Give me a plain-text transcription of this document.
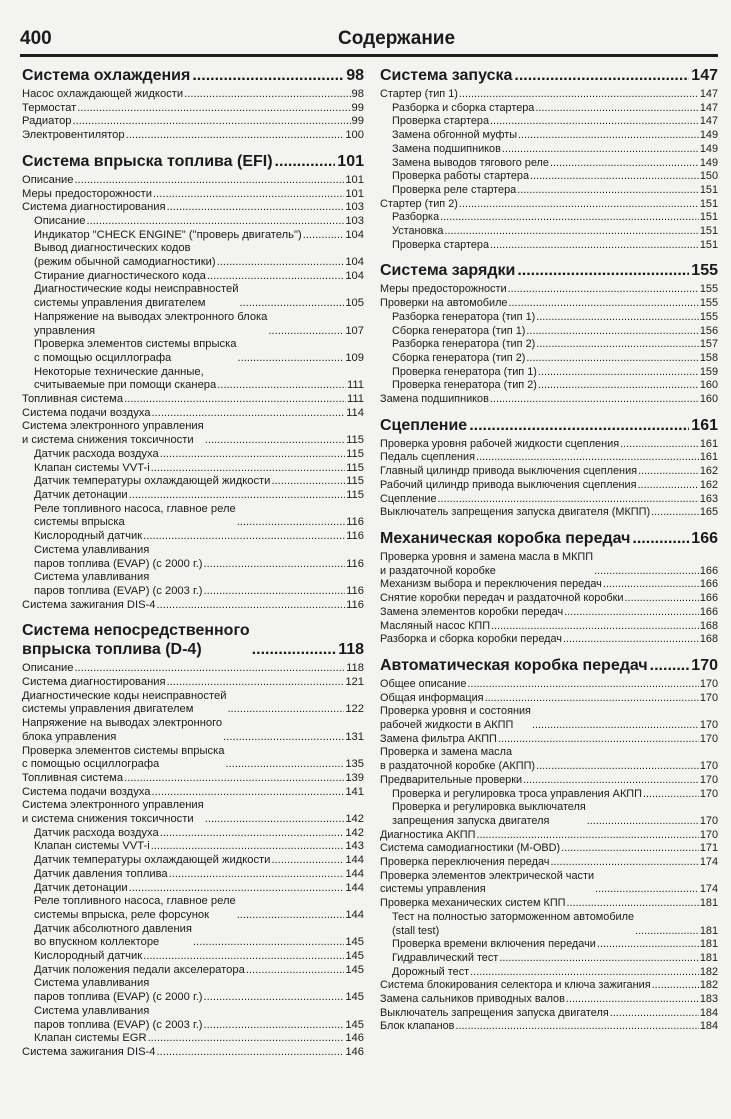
400	Содержание
Система охлаждения .....	98
Насос охлаждающей жидкости .....	98
Термостат .....	99
Радиатор .....	99
Электровентилятор .....	100
Система впрыска топлива (EFI) .....	101
Описание .....	101
Меры предосторожности .....	101
Система диагностирования .....	103
Описание .....	103
Индикатор "CHECK ENGINE" ("проверь двигатель") .....	104
Вывод диагностических кодов
(режим обычной самодиагностики) .....	104
Стирание диагностического кода .....	104
Диагностические коды неисправностей
системы управления двигателем .....	105
Напряжение на выводах электронного блока
управления .....	107
Проверка элементов системы впрыска
с помощью осциллографа .....	109
Некоторые технические данные,
считываемые при помощи сканера .....	111
Топливная система .....	111
Система подачи воздуха .....	114
Система электронного управления
и система снижения токсичности .....	115
Датчик расхода воздуха .....	115
Клапан системы VVT-i .....	115
Датчик температуры охлаждающей жидкости .....	115
Датчик детонации .....	115
Реле топливного насоса, главное реле
системы впрыска .....	116
Кислородный датчик .....	116
Система улавливания
паров топлива (EVAP) (с 2000 г.) .....	116
Система улавливания
паров топлива (EVAP) (с 2003 г.) .....	116
Система зажигания DIS-4 .....	116
Система непосредственного
впрыска топлива (D-4) .....	118
Описание .....	118
Система диагностирования .....	121
Диагностические коды неисправностей
системы управления двигателем .....	122
Напряжение на выводах электронного
блока управления .....	131
Проверка элементов системы впрыска
с помощью осциллографа .....	135
Топливная система .....	139
Система подачи воздуха .....	141
Система электронного управления
и система снижения токсичности .....	142
Датчик расхода воздуха .....	142
Клапан системы VVT-i .....	143
Датчик температуры охлаждающей жидкости .....	144
Датчик давления топлива .....	144
Датчик детонации .....	144
Реле топливного насоса, главное реле
системы впрыска, реле форсунок .....	144
Датчик абсолютного давления
во впускном коллекторе .....	145
Кислородный датчик .....	145
Датчик положения педали акселератора .....	145
Система улавливания
паров топлива (EVAP) (с 2000 г.) .....	145
Система улавливания
паров топлива (EVAP) (с 2003 г.) .....	145
Клапан системы EGR .....	146
Система зажигания DIS-4 .....	146
Система запуска .....	147
Стартер (тип 1) .....	147
Разборка и сборка стартера .....	147
Проверка стартера .....	147
Замена обгонной муфты .....	149
Замена подшипников .....	149
Замена выводов тягового реле .....	149
Проверка работы стартера .....	150
Проверка реле стартера .....	151
Стартер (тип 2) .....	151
Разборка .....	151
Установка .....	151
Проверка стартера .....	151
Система зарядки .....	155
Меры предосторожности .....	155
Проверки на автомобиле .....	155
Разборка генератора (тип 1) .....	155
Сборка генератора (тип 1) .....	156
Разборка генератора (тип 2) .....	157
Сборка генератора (тип 2) .....	158
Проверка генератора (тип 1) .....	159
Проверка генератора (тип 2) .....	160
Замена подшипников .....	160
Сцепление .....	161
Проверка уровня рабочей жидкости сцепления .....	161
Педаль сцепления .....	161
Главный цилиндр привода выключения сцепления .....	162
Рабочий цилиндр привода выключения сцепления .....	162
Сцепление .....	163
Выключатель запрещения запуска двигателя (МКПП) .....	165
Механическая коробка передач .....	166
Проверка уровня и замена масла в МКПП
и раздаточной коробке .....	166
Механизм выбора и переключения передач .....	166
Снятие коробки передач и раздаточной коробки .....	166
Замена элементов коробки передач .....	166
Масляный насос КПП .....	168
Разборка и сборка коробки передач .....	168
Автоматическая коробка передач .....	170
Общее описание .....	170
Общая информация .....	170
Проверка уровня и состояния
рабочей жидкости в АКПП .....	170
Замена фильтра АКПП .....	170
Проверка и замена масла
в раздаточной коробке (АКПП) .....	170
Предварительные проверки .....	170
Проверка и регулировка троса управления АКПП .....	170
Проверка и регулировка выключателя
запрещения запуска двигателя .....	170
Диагностика АКПП .....	170
Система самодиагностики (M-OBD) .....	171
Проверка переключения передач .....	174
Проверка элементов электрической части
системы управления .....	174
Проверка механических систем КПП .....	181
Тест на полностью заторможенном автомобиле
(stall test) .....	181
Проверка времени включения передачи .....	181
Гидравлический тест .....	181
Дорожный тест .....	182
Система блокирования селектора и ключа зажигания .....	182
Замена сальников приводных валов .....	183
Выключатель запрещения запуска двигателя .....	184
Блок клапанов .....	184
